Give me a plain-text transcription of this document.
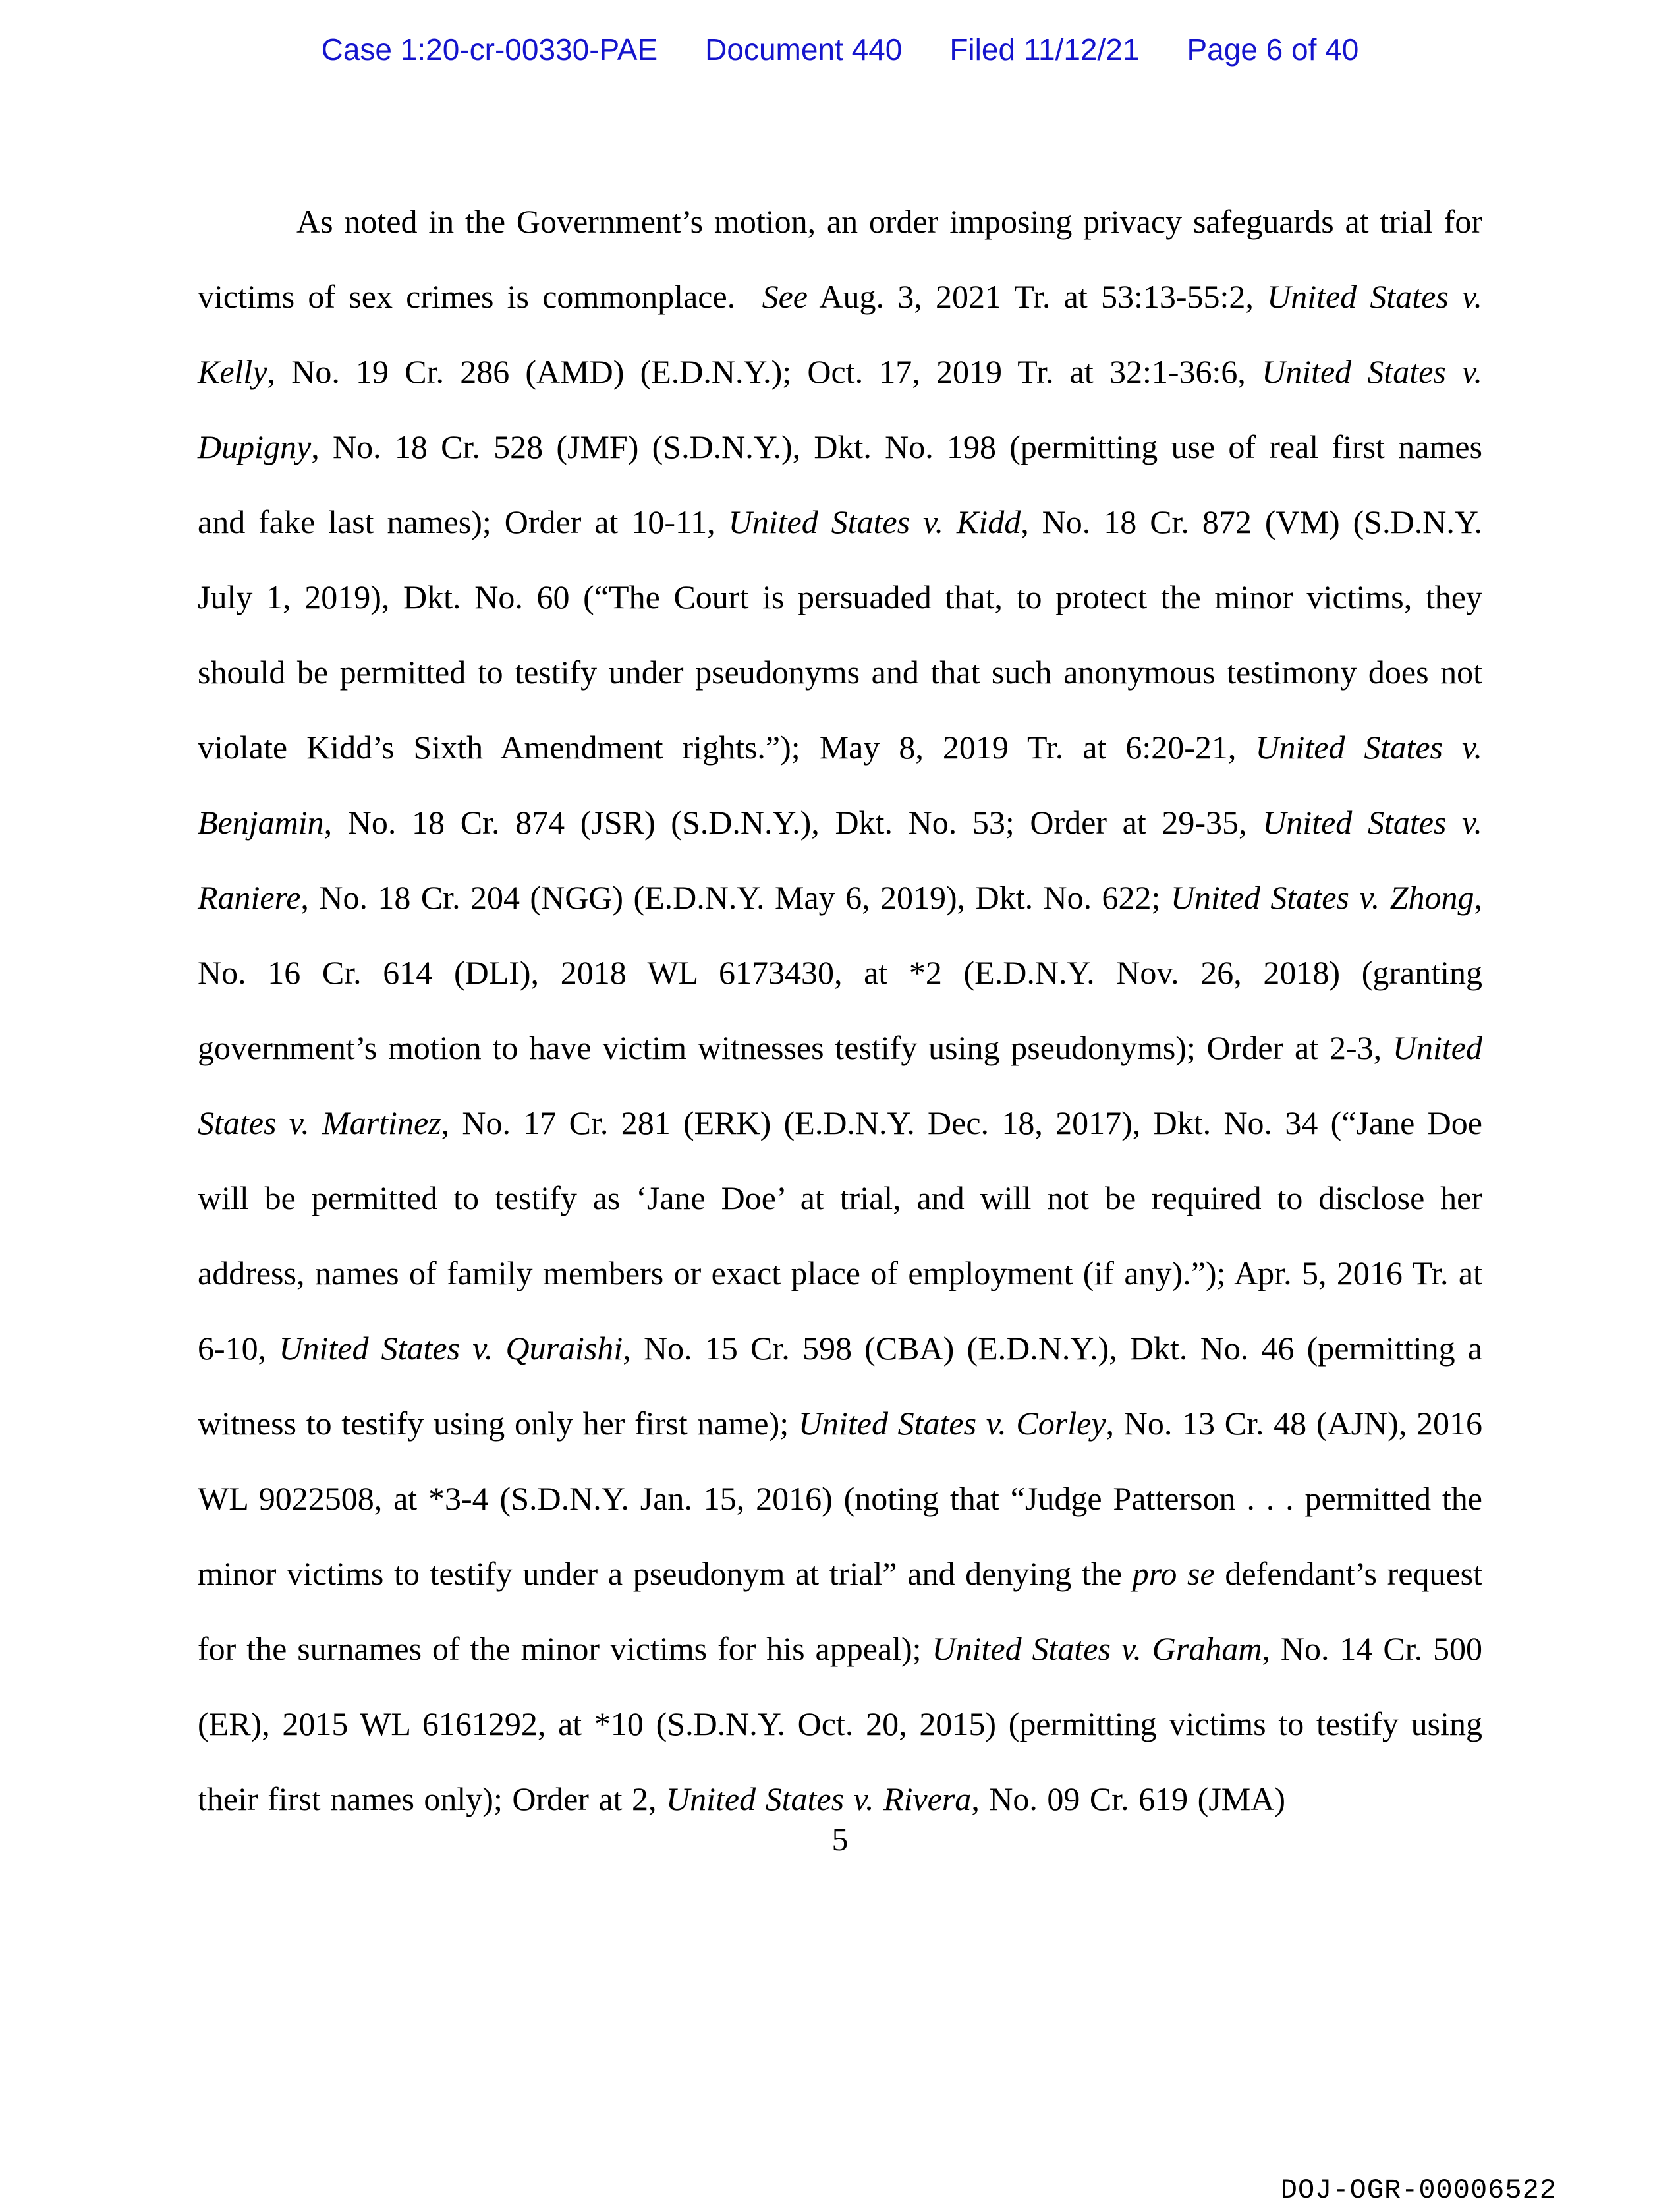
Case 1:20-cr-00330-PAE Document 440 Filed 11/12/21 Page 6 of 40
As noted in the Government’s motion, an order imposing privacy safeguards at trial for victims of sex crimes is commonplace.  See Aug. 3, 2021 Tr. at 53:13-55:2, United States v. Kelly, No. 19 Cr. 286 (AMD) (E.D.N.Y.); Oct. 17, 2019 Tr. at 32:1-36:6, United States v. Dupigny, No. 18 Cr. 528 (JMF) (S.D.N.Y.), Dkt. No. 198 (permitting use of real first names and fake last names); Order at 10-11, United States v. Kidd, No. 18 Cr. 872 (VM) (S.D.N.Y. July 1, 2019), Dkt. No. 60 (“The Court is persuaded that, to protect the minor victims, they should be permitted to testify under pseudonyms and that such anonymous testimony does not violate Kidd’s Sixth Amendment rights.”); May 8, 2019 Tr. at 6:20-21, United States v. Benjamin, No. 18 Cr. 874 (JSR) (S.D.N.Y.), Dkt. No. 53; Order at 29-35, United States v. Raniere, No. 18 Cr. 204 (NGG) (E.D.N.Y. May 6, 2019), Dkt. No. 622; United States v. Zhong, No. 16 Cr. 614 (DLI), 2018 WL 6173430, at *2 (E.D.N.Y. Nov. 26, 2018) (granting government’s motion to have victim witnesses testify using pseudonyms); Order at 2-3, United States v. Martinez, No. 17 Cr. 281 (ERK) (E.D.N.Y. Dec. 18, 2017), Dkt. No. 34 (“Jane Doe will be permitted to testify as ‘Jane Doe’ at trial, and will not be required to disclose her address, names of family members or exact place of employment (if any).”); Apr. 5, 2016 Tr. at 6-10, United States v. Quraishi, No. 15 Cr. 598 (CBA) (E.D.N.Y.), Dkt. No. 46 (permitting a witness to testify using only her first name); United States v. Corley, No. 13 Cr. 48 (AJN), 2016 WL 9022508, at *3-4 (S.D.N.Y. Jan. 15, 2016) (noting that “Judge Patterson . . . permitted the minor victims to testify under a pseudonym at trial” and denying the pro se defendant’s request for the surnames of the minor victims for his appeal); United States v. Graham, No. 14 Cr. 500 (ER), 2015 WL 6161292, at *10 (S.D.N.Y. Oct. 20, 2015) (permitting victims to testify using their first names only); Order at 2, United States v. Rivera, No. 09 Cr. 619 (JMA)
5
DOJ-OGR-00006522
